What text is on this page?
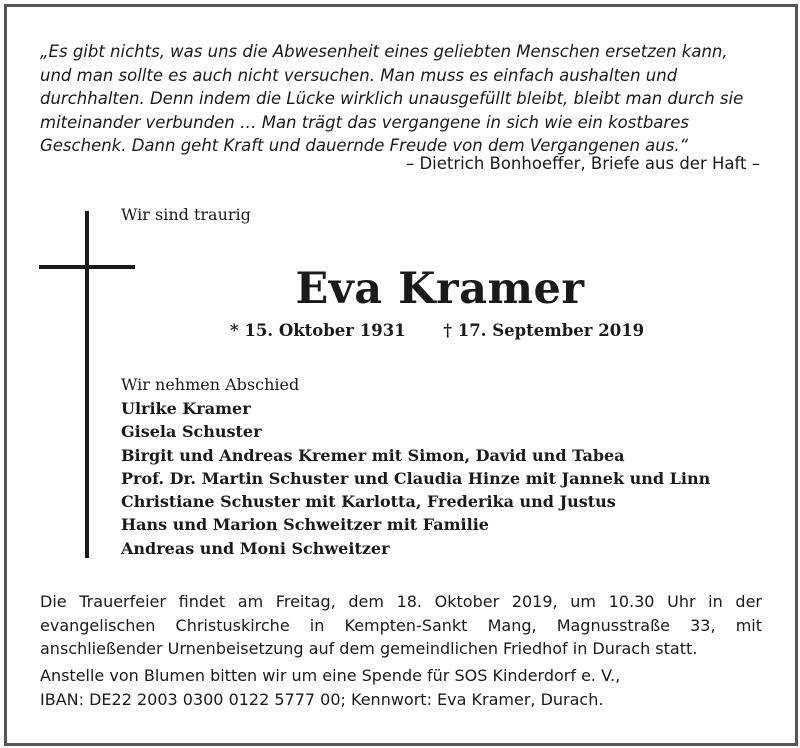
„Es gibt nichts, was uns die Abwesenheit eines geliebten Menschen ersetzen kann, und man sollte es auch nicht versuchen. Man muss es einfach aushalten und durchhalten. Denn indem die Lücke wirklich unausgefüllt bleibt, bleibt man durch sie miteinander verbunden … Man trägt das vergangene in sich wie ein kostbares Geschenk. Dann geht Kraft und dauernde Freude von dem Vergangenen aus.“
– Dietrich Bonhoeffer, Briefe aus der Haft –
Wir sind traurig
Eva Kramer
* 15. Oktober 1931 † 17. September 2019
Wir nehmen Abschied
Ulrike Kramer
Gisela Schuster
Birgit und Andreas Kremer mit Simon, David und Tabea
Prof. Dr. Martin Schuster und Claudia Hinze mit Jannek und Linn
Christiane Schuster mit Karlotta, Frederika und Justus
Hans und Marion Schweitzer mit Familie
Andreas und Moni Schweitzer
Die Trauerfeier findet am Freitag, dem 18. Oktober 2019, um 10.30 Uhr in der evangelischen Christuskirche in Kempten-Sankt Mang, Magnusstraße 33, mit anschließender Urnenbeisetzung auf dem gemeindlichen Friedhof in Durach statt.
Anstelle von Blumen bitten wir um eine Spende für SOS Kinderdorf e. V.,
IBAN: DE22 2003 0300 0122 5777 00; Kennwort: Eva Kramer, Durach.
